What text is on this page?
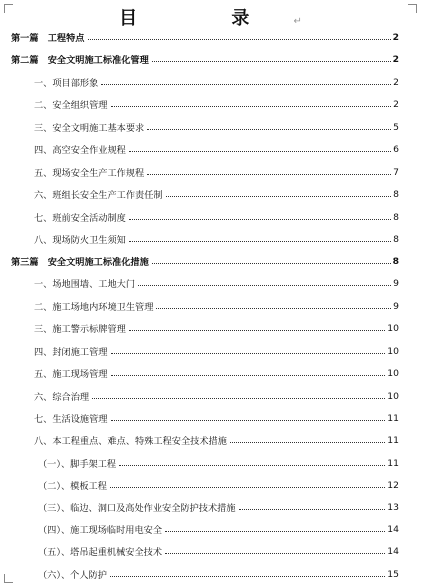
目 录↵
第一篇　工程特点	2
第二篇　安全文明施工标准化管理	2
一、项目部形象	2
二、安全组织管理	2
三、安全文明施工基本要求	5
四、高空安全作业规程	6
五、现场安全生产工作规程	7
六、班组长安全生产工作责任制	8
七、班前安全活动制度	8
八、现场防火卫生须知	8
第三篇　安全文明施工标准化措施	8
一、场地围墙、工地大门	9
二、施工场地内环境卫生管理	9
三、施工警示标牌管理	10
四、封闭施工管理	10
五、施工现场管理	10
六、综合治理	10
七、生活设施管理	11
八、本工程重点、难点、特殊工程安全技术措施	11
（一）、脚手架工程	11
（二）、模板工程	12
（三）、临边、洞口及高处作业安全防护技术措施	13
（四）、施工现场临时用电安全	14
（五）、塔吊起重机械安全技术	14
（六）、个人防护	15
